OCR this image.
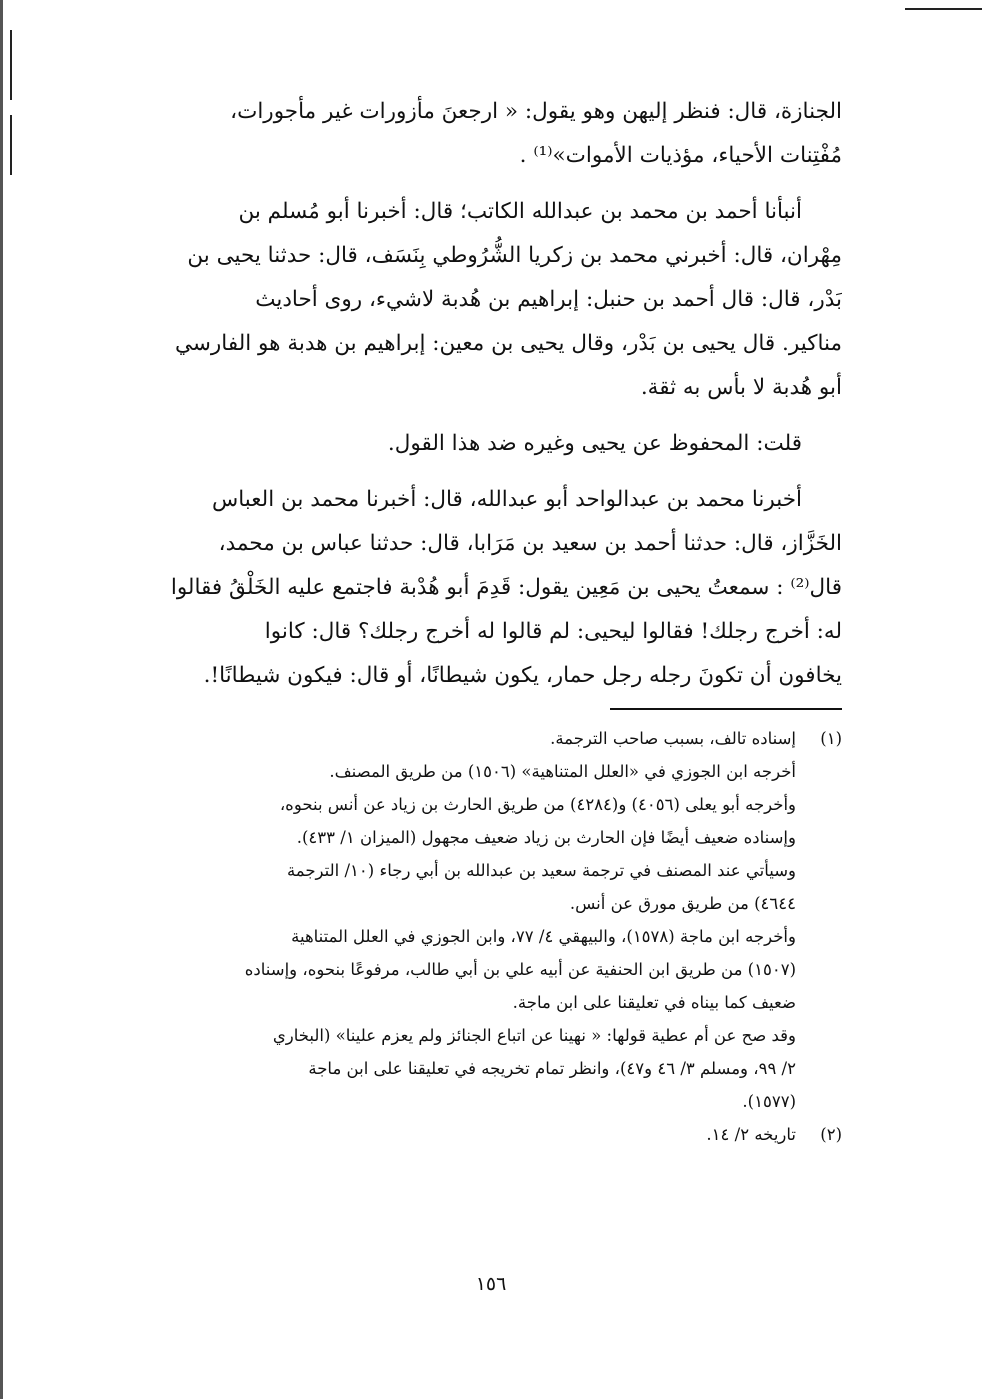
الجنازة، قال: فنظر إليهن وهو يقول: « ارجعنَ مأزورات غير مأجورات،
مُفْتِنات الأحياء، مؤذيات الأموات»⁽¹⁾ .
أنبأنا أحمد بن محمد بن عبدالله الكاتب؛ قال: أخبرنا أبو مُسلم بن
مِهْران، قال: أخبرني محمد بن زكريا الشُّرُوطي بِنَسَف، قال: حدثنا يحيى بن
بَدْر، قال: قال أحمد بن حنبل: إبراهيم بن هُدبة لاشيء، روى أحاديث
مناكير. قال يحيى بن بَدْر، وقال يحيى بن معين: إبراهيم بن هدبة هو الفارسي
أبو هُدبة لا بأس به ثقة.
قلت: المحفوظ عن يحيى وغيره ضد هذا القول.
أخبرنا محمد بن عبدالواحد أبو عبدالله، قال: أخبرنا محمد بن العباس
الخَزَّاز، قال: حدثنا أحمد بن سعيد بن مَرَابا، قال: حدثنا عباس بن محمد،
قال⁽²⁾ : سمعتُ يحيى بن مَعِين يقول: قَدِمَ أبو هُدْبة فاجتمع عليه الخَلْقُ فقالوا
له: أخرج رجلك! فقالوا ليحيى: لم قالوا له أخرج رجلك؟ قال: كانوا
يخافون أن تكونَ رجله رجل حمار، يكون شيطانًا، أو قال: فيكون شيطانًا!.
(١)إسناده تالف، بسبب صاحب الترجمة.
أخرجه ابن الجوزي في «العلل المتناهية» (١٥٠٦) من طريق المصنف.
وأخرجه أبو يعلى (٤٠٥٦) و(٤٢٨٤) من طريق الحارث بن زياد عن أنس بنحوه،
وإسناده ضعيف أيضًا فإن الحارث بن زياد ضعيف مجهول (الميزان ١/ ٤٣٣).
وسيأتي عند المصنف في ترجمة سعيد بن عبدالله بن أبي رجاء (١٠/ الترجمة
٤٦٤٤) من طريق مورق عن أنس.
وأخرجه ابن ماجة (١٥٧٨)، والبيهقي ٤/ ٧٧، وابن الجوزي في العلل المتناهية
(١٥٠٧) من طريق ابن الحنفية عن أبيه علي بن أبي طالب، مرفوعًا بنحوه، وإسناده
ضعيف كما بيناه في تعليقنا على ابن ماجة.
وقد صح عن أم عطية قولها: « نهينا عن اتباع الجنائز ولم يعزم علينا» (البخاري
٢/ ٩٩، ومسلم ٣/ ٤٦ و٤٧)، وانظر تمام تخريجه في تعليقنا على ابن ماجة
(١٥٧٧).
(٢)تاريخه ٢/ ١٤.
١٥٦
